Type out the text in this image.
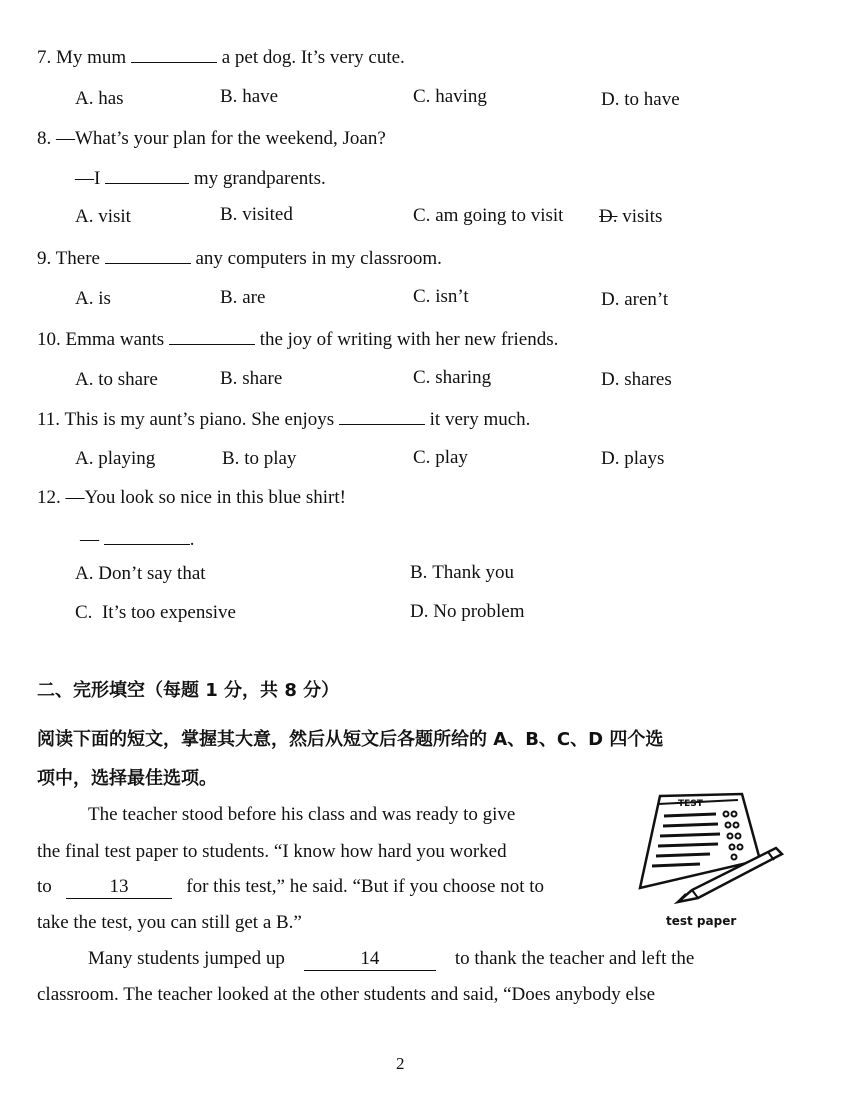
7. My mum	a pet dog. It’s very cute.
A. has	B. have	C. having	D. to have
8. —What’s your plan for the weekend, Joan?
—I	my grandparents.
A. visit	B. visited	C. am going to visit D. visits
9. There	any computers in my classroom.
A. is	B. are	C. isn’t	D. aren’t
10. Emma wants	the joy of writing with her new friends.
A. to share	B. share	C. sharing	D. shares
11. This is my aunt’s piano. She enjoys	it very much.
A. playing	B. to play	C. play	D. plays
12. —You look so nice in this blue shirt!
—	.
A. Don’t say that	B. Thank you
C. It’s too expensive	D. No problem
二、完形填空（每题 1 分，共 8 分）
阅读下面的短文，掌握其大意，然后从短文后各题所给的 A、B、C、D 四个选
项中，选择最佳选项。
The teacher stood before his class and was ready to give
the final test paper to students. “I know how hard you worked
to	13	for this test,” he said. “But if you choose not to
take the test, you can still get a B.”
Many students jumped up	14	to thank the teacher and left the
classroom. The teacher looked at the other students and said, “Does anybody else
TEST
test paper
2
